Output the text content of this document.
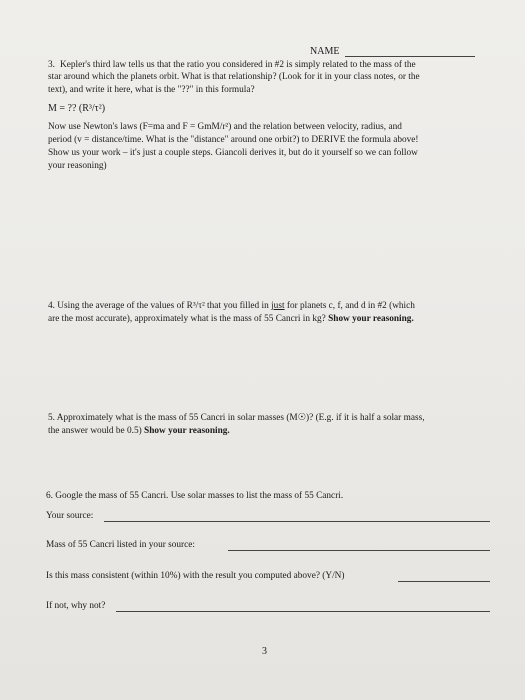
NAME
3. Kepler's third law tells us that the ratio you considered in #2 is simply related to the mass of the
star around which the planets orbit. What is that relationship? (Look for it in your class notes, or the
text), and write it here, what is the "??" in this formula?
M = ?? (R³/τ²)
Now use Newton's laws (F=ma and F = GmM/r²) and the relation between velocity, radius, and
period (v = distance/time. What is the "distance" around one orbit?) to DERIVE the formula above!
Show us your work – it's just a couple steps. Giancoli derives it, but do it yourself so we can follow
your reasoning)
4. Using the average of the values of R³/τ² that you filled in just for planets c, f, and d in #2 (which
are the most accurate), approximately what is the mass of 55 Cancri in kg? Show your reasoning.
5. Approximately what is the mass of 55 Cancri in solar masses (M☉)? (E.g. if it is half a solar mass,
the answer would be 0.5) Show your reasoning.
6. Google the mass of 55 Cancri. Use solar masses to list the mass of 55 Cancri.
Your source:
Mass of 55 Cancri listed in your source:
Is this mass consistent (within 10%) with the result you computed above? (Y/N)
If not, why not?
3
